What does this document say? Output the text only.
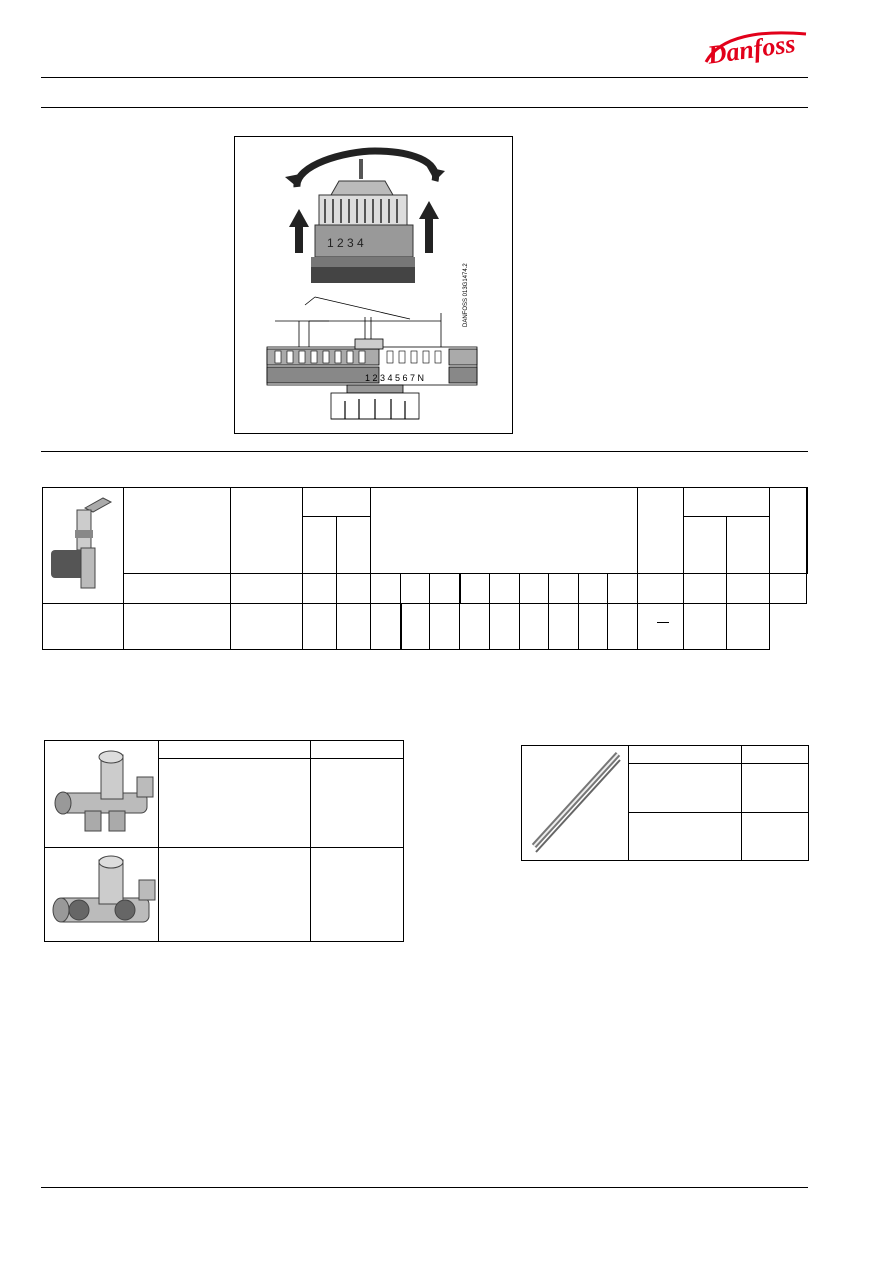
Danfoss
1 2 3 4
DANFOSS 013G1474.2
1 2 3 4 5 6 7 N
